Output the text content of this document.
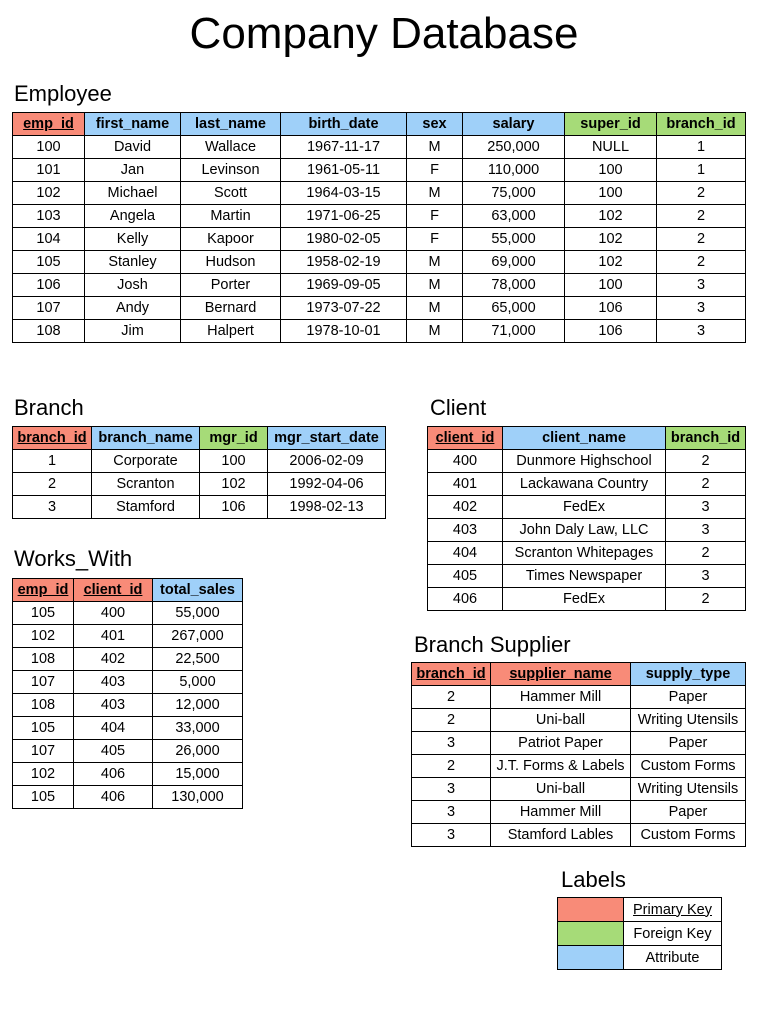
Company Database
Employee
emp_id	first_name	last_name	birth_date	sex	salary	super_id	branch_id
100	David	Wallace	1967-11-17	M	250,000	NULL	1
101	Jan	Levinson	1961-05-11	F	110,000	100	1
102	Michael	Scott	1964-03-15	M	75,000	100	2
103	Angela	Martin	1971-06-25	F	63,000	102	2
104	Kelly	Kapoor	1980-02-05	F	55,000	102	2
105	Stanley	Hudson	1958-02-19	M	69,000	102	2
106	Josh	Porter	1969-09-05	M	78,000	100	3
107	Andy	Bernard	1973-07-22	M	65,000	106	3
108	Jim	Halpert	1978-10-01	M	71,000	106	3
Branch
branch_id	branch_name	mgr_id	mgr_start_date
1	Corporate	100	2006-02-09
2	Scranton	102	1992-04-06
3	Stamford	106	1998-02-13
Client
client_id	client_name	branch_id
400	Dunmore Highschool	2
401	Lackawana Country	2
402	FedEx	3
403	John Daly Law, LLC	3
404	Scranton Whitepages	2
405	Times Newspaper	3
406	FedEx	2
Works_With
emp_id	client_id	total_sales
105	400	55,000
102	401	267,000
108	402	22,500
107	403	5,000
108	403	12,000
105	404	33,000
107	405	26,000
102	406	15,000
105	406	130,000
Branch Supplier
branch_id	supplier_name	supply_type
2	Hammer Mill	Paper
2	Uni-ball	Writing Utensils
3	Patriot Paper	Paper
2	J.T. Forms & Labels	Custom Forms
3	Uni-ball	Writing Utensils
3	Hammer Mill	Paper
3	Stamford Lables	Custom Forms
Labels
	Primary Key
	Foreign Key
	Attribute
